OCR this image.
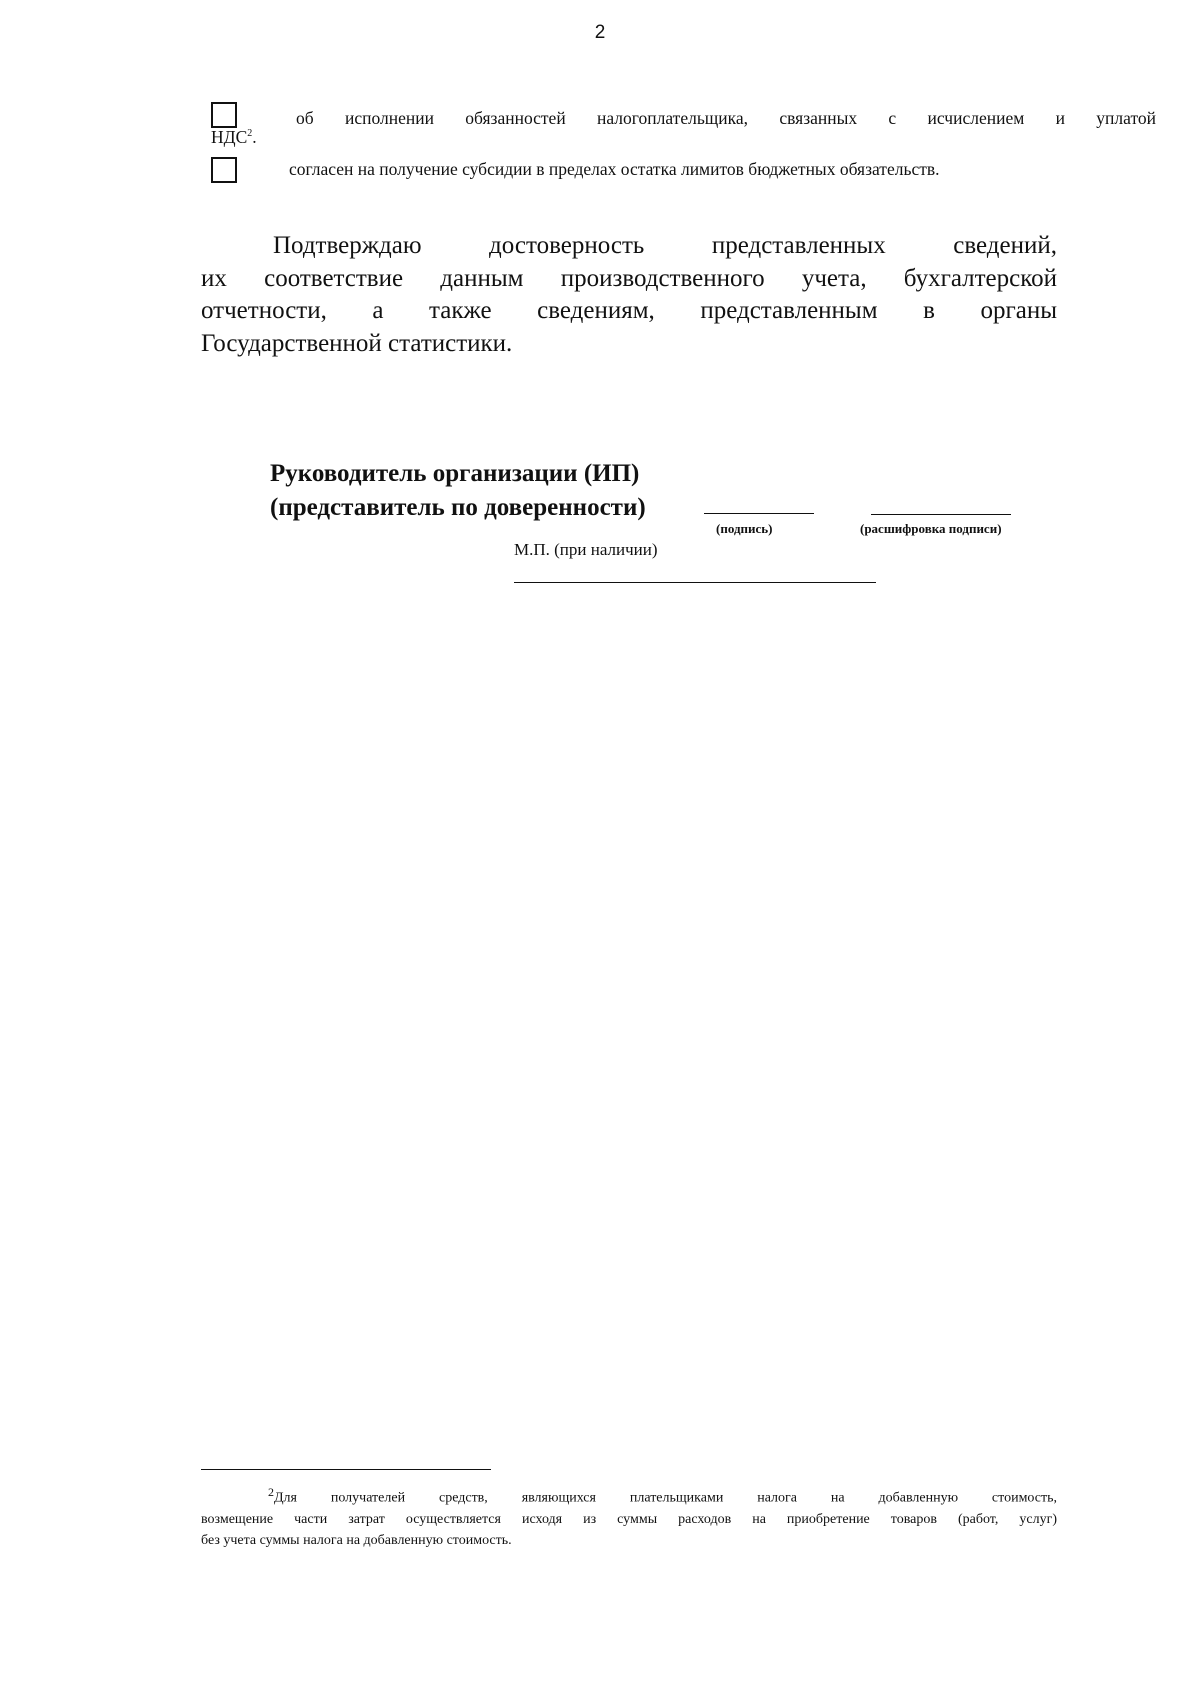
2
об исполнении обязанностей налогоплательщика, связанных с исчислением и уплатой
НДС$^2$.
согласен на получение субсидии в пределах остатка лимитов бюджетных обязательств.

Подтверждаю достоверность представленных сведений,

их соответствие данным производственного учета, бухгалтерской

отчетности, а также сведениям, представленным в органы

Государственной статистики.

Руководитель организации (ИП)
(представитель по доверенности)
(подпись)	(расшифровка подписи)
М.П. (при наличии)

$^2$Для получателей средств, являющихся плательщиками налога на добавленную стоимость,

возмещение части затрат осуществляется исходя из суммы расходов на приобретение товаров (работ, услуг)

без учета суммы налога на добавленную стоимость.
